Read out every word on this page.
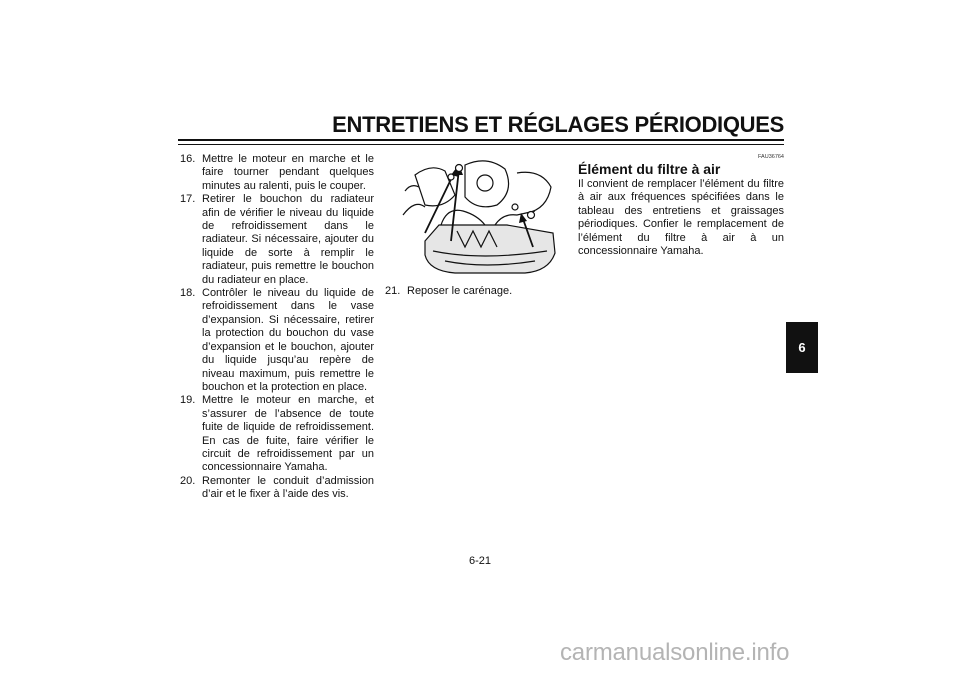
ENTRETIENS ET RÉGLAGES PÉRIODIQUES

16. Mettre le moteur en marche et le faire tourner pendant quelques minutes au ralenti, puis le couper.

17. Retirer le bouchon du radiateur afin de vérifier le niveau du liquide de refroidissement dans le radiateur. Si nécessaire, ajouter du liquide de sorte à remplir le radiateur, puis remettre le bouchon du radiateur en place.

18. Contrôler le niveau du liquide de refroidissement dans le vase d’expansion. Si nécessaire, retirer la protection du bouchon du vase d’expansion et le bouchon, ajouter du liquide jusqu’au repère de niveau maximum, puis remettre le bouchon et la protection en place.

19. Mettre le moteur en marche, et s’assurer de l’absence de toute fuite de liquide de refroidissement. En cas de fuite, faire vérifier le circuit de refroidissement par un concessionnaire Yamaha.

20. Remonter le conduit d’admission d’air et le fixer à l’aide des vis.

21. Reposer le carénage.

FAU36764
Élément du filtre à air
Il convient de remplacer l’élément du filtre à air aux fréquences spécifiées dans le tableau des entretiens et graissages périodiques. Confier le remplacement de l’élément du filtre à air à un concessionnaire Yamaha.
6
6-21
carmanualsonline.info
